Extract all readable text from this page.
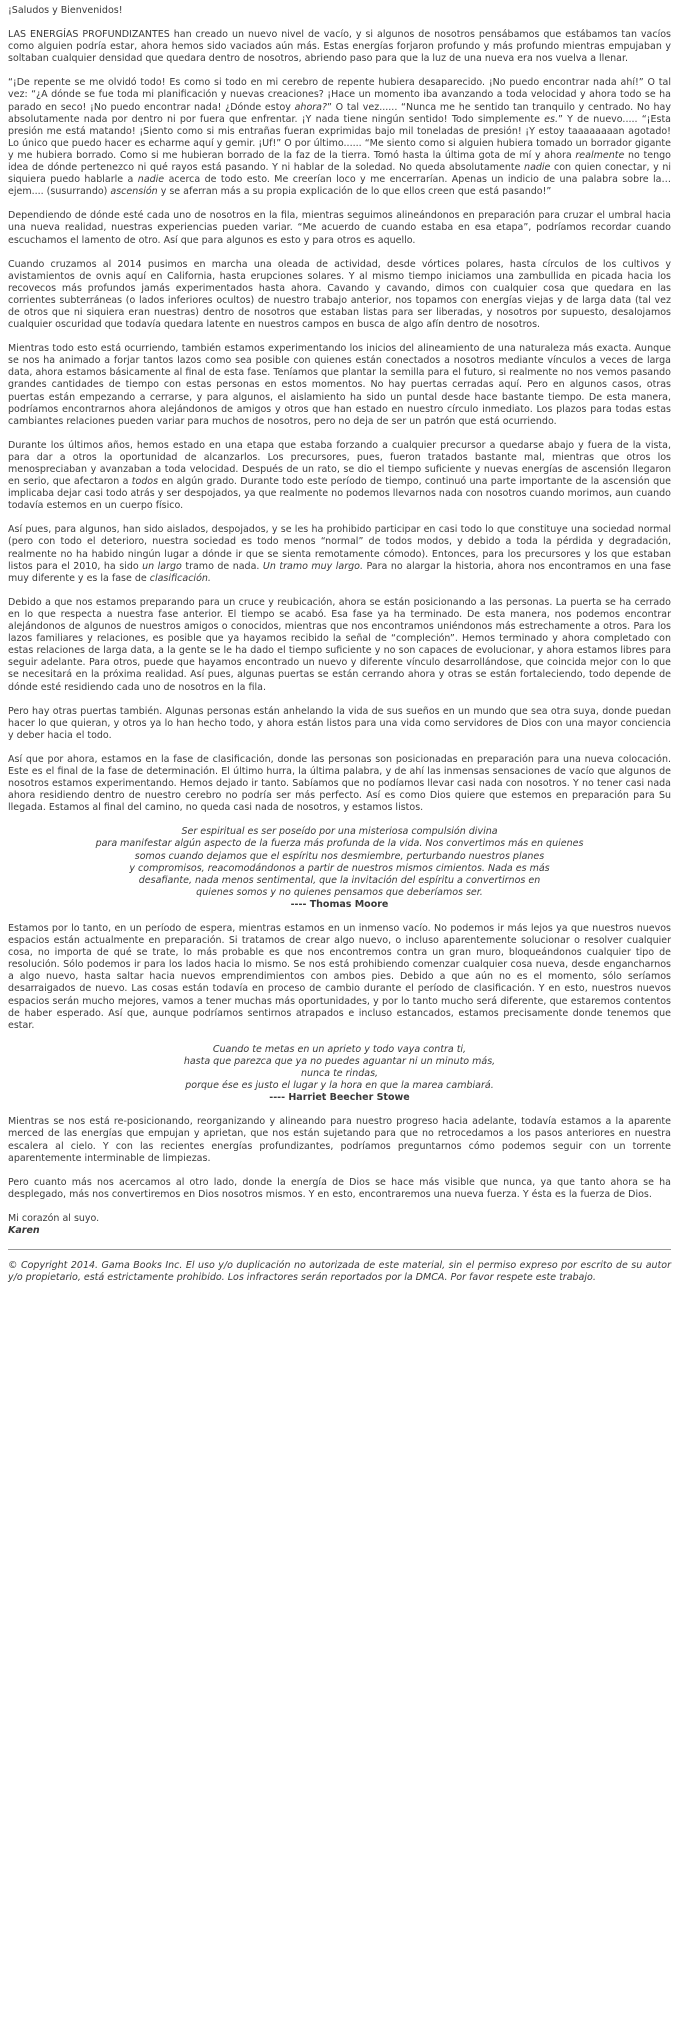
¡Saludos y Bienvenidos!

LAS ENERGÍAS PROFUNDIZANTES han creado un nuevo nivel de vacío, y si algunos de nosotros pensábamos que estábamos tan vacíos como alguien podría estar, ahora hemos sido vaciados aún más. Estas energías forjaron profundo y más profundo mientras empujaban y soltaban cualquier densidad que quedara dentro de nosotros, abriendo paso para que la luz de una nueva era nos vuelva a llenar.

“¡De repente se me olvidó todo! Es como si todo en mi cerebro de repente hubiera desaparecido. ¡No puedo encontrar nada ahí!” O tal vez: “¿A dónde se fue toda mi planificación y nuevas creaciones? ¡Hace un momento iba avanzando a toda velocidad y ahora todo se ha parado en seco! ¡No puedo encontrar nada! ¿Dónde estoy ahora?” O tal vez...... “Nunca me he sentido tan tranquilo y centrado. No hay absolutamente nada por dentro ni por fuera que enfrentar. ¡Y nada tiene ningún sentido! Todo simplemente es.” Y de nuevo..... “¡Esta presión me está matando! ¡Siento como si mis entrañas fueran exprimidas bajo mil toneladas de presión! ¡Y estoy taaaaaaaan agotado! Lo único que puedo hacer es echarme aquí y gemir. ¡Uf!” O por último...... “Me siento como si alguien hubiera tomado un borrador gigante y me hubiera borrado. Como si me hubieran borrado de la faz de la tierra. Tomó hasta la última gota de mí y ahora realmente no tengo idea de dónde pertenezco ni qué rayos está pasando. Y ni hablar de la soledad. No queda absolutamente nadie con quien conectar, y ni siquiera puedo hablarle a nadie acerca de todo esto. Me creerían loco y me encerrarían. Apenas un indicio de una palabra sobre la… ejem.... (susurrando) ascensión y se aferran más a su propia explicación de lo que ellos creen que está pasando!”

Dependiendo de dónde esté cada uno de nosotros en la fila, mientras seguimos alineándonos en preparación para cruzar el umbral hacia una nueva realidad, nuestras experiencias pueden variar. “Me acuerdo de cuando estaba en esa etapa”, podríamos recordar cuando escuchamos el lamento de otro. Así que para algunos es esto y para otros es aquello.

Cuando cruzamos al 2014 pusimos en marcha una oleada de actividad, desde vórtices polares, hasta círculos de los cultivos y avistamientos de ovnis aquí en California, hasta erupciones solares. Y al mismo tiempo iniciamos una zambullida en picada hacia los recovecos más profundos jamás experimentados hasta ahora. Cavando y cavando, dimos con cualquier cosa que quedara en las corrientes subterráneas (o lados inferiores ocultos) de nuestro trabajo anterior, nos topamos con energías viejas y de larga data (tal vez de otros que ni siquiera eran nuestras) dentro de nosotros que estaban listas para ser liberadas, y nosotros por supuesto, desalojamos cualquier oscuridad que todavía quedara latente en nuestros campos en busca de algo afín dentro de nosotros.

Mientras todo esto está ocurriendo, también estamos experimentando los inicios del alineamiento de una naturaleza más exacta. Aunque se nos ha animado a forjar tantos lazos como sea posible con quienes están conectados a nosotros mediante vínculos a veces de larga data, ahora estamos básicamente al final de esta fase. Teníamos que plantar la semilla para el futuro, si realmente no nos vemos pasando grandes cantidades de tiempo con estas personas en estos momentos. No hay puertas cerradas aquí. Pero en algunos casos, otras puertas están empezando a cerrarse, y para algunos, el aislamiento ha sido un puntal desde hace bastante tiempo. De esta manera, podríamos encontrarnos ahora alejándonos de amigos y otros que han estado en nuestro círculo inmediato. Los plazos para todas estas cambiantes relaciones pueden variar para muchos de nosotros, pero no deja de ser un patrón que está ocurriendo.

Durante los últimos años, hemos estado en una etapa que estaba forzando a cualquier precursor a quedarse abajo y fuera de la vista, para dar a otros la oportunidad de alcanzarlos. Los precursores, pues, fueron tratados bastante mal, mientras que otros los menospreciaban y avanzaban a toda velocidad. Después de un rato, se dio el tiempo suficiente y nuevas energías de ascensión llegaron en serio, que afectaron a todos en algún grado. Durante todo este período de tiempo, continuó una parte importante de la ascensión que implicaba dejar casi todo atrás y ser despojados, ya que realmente no podemos llevarnos nada con nosotros cuando morimos, aun cuando todavía estemos en un cuerpo físico.

Así pues, para algunos, han sido aislados, despojados, y se les ha prohibido participar en casi todo lo que constituye una sociedad normal (pero con todo el deterioro, nuestra sociedad es todo menos “normal” de todos modos, y debido a toda la pérdida y degradación, realmente no ha habido ningún lugar a dónde ir que se sienta remotamente cómodo). Entonces, para los precursores y los que estaban listos para el 2010, ha sido un largo tramo de nada. Un tramo muy largo. Para no alargar la historia, ahora nos encontramos en una fase muy diferente y es la fase de clasificación.

Debido a que nos estamos preparando para un cruce y reubicación, ahora se están posicionando a las personas. La puerta se ha cerrado en lo que respecta a nuestra fase anterior. El tiempo se acabó. Esa fase ya ha terminado. De esta manera, nos podemos encontrar alejándonos de algunos de nuestros amigos o conocidos, mientras que nos encontramos uniéndonos más estrechamente a otros. Para los lazos familiares y relaciones, es posible que ya hayamos recibido la señal de “compleción”. Hemos terminado y ahora completado con estas relaciones de larga data, a la gente se le ha dado el tiempo suficiente y no son capaces de evolucionar, y ahora estamos libres para seguir adelante. Para otros, puede que hayamos encontrado un nuevo y diferente vínculo desarrollándose, que coincida mejor con lo que se necesitará en la próxima realidad. Así pues, algunas puertas se están cerrando ahora y otras se están fortaleciendo, todo depende de dónde esté residiendo cada uno de nosotros en la fila.

Pero hay otras puertas también. Algunas personas están anhelando la vida de sus sueños en un mundo que sea otra suya, donde puedan hacer lo que quieran, y otros ya lo han hecho todo, y ahora están listos para una vida como servidores de Dios con una mayor conciencia y deber hacia el todo.

Así que por ahora, estamos en la fase de clasificación, donde las personas son posicionadas en preparación para una nueva colocación. Este es el final de la fase de determinación. El último hurra, la última palabra, y de ahí las inmensas sensaciones de vacío que algunos de nosotros estamos experimentando. Hemos dejado ir tanto. Sabíamos que no podíamos llevar casi nada con nosotros. Y no tener casi nada ahora residiendo dentro de nuestro cerebro no podría ser más perfecto. Así es como Dios quiere que estemos en preparación para Su llegada. Estamos al final del camino, no queda casi nada de nosotros, y estamos listos.

Ser espiritual es ser poseído por una misteriosa compulsión divina
para manifestar algún aspecto de la fuerza más profunda de la vida. Nos convertimos más en quienes
somos cuando dejamos que el espíritu nos desmiembre, perturbando nuestros planes
y compromisos, reacomodándonos a partir de nuestros mismos cimientos. Nada es más
desafiante, nada menos sentimental, que la invitación del espíritu a convertirnos en
quienes somos y no quienes pensamos que deberíamos ser.
---- Thomas Moore

Estamos por lo tanto, en un período de espera, mientras estamos en un inmenso vacío. No podemos ir más lejos ya que nuestros nuevos espacios están actualmente en preparación. Si tratamos de crear algo nuevo, o incluso aparentemente solucionar o resolver cualquier cosa, no importa de qué se trate, lo más probable es que nos encontremos contra un gran muro, bloqueándonos cualquier tipo de resolución. Sólo podemos ir para los lados hacia lo mismo. Se nos está prohibiendo comenzar cualquier cosa nueva, desde engancharnos a algo nuevo, hasta saltar hacia nuevos emprendimientos con ambos pies. Debido a que aún no es el momento, sólo seríamos desarraigados de nuevo. Las cosas están todavía en proceso de cambio durante el período de clasificación. Y en esto, nuestros nuevos espacios serán mucho mejores, vamos a tener muchas más oportunidades, y por lo tanto mucho será diferente, que estaremos contentos de haber esperado. Así que, aunque podríamos sentirnos atrapados e incluso estancados, estamos precisamente donde tenemos que estar.

Cuando te metas en un aprieto y todo vaya contra ti,
hasta que parezca que ya no puedes aguantar ni un minuto más,
nunca te rindas,
porque ése es justo el lugar y la hora en que la marea cambiará.
---- Harriet Beecher Stowe

Mientras se nos está re-posicionando, reorganizando y alineando para nuestro progreso hacia adelante, todavía estamos a la aparente merced de las energías que empujan y aprietan, que nos están sujetando para que no retrocedamos a los pasos anteriores en nuestra escalera al cielo. Y con las recientes energías profundizantes, podríamos preguntarnos cómo podemos seguir con un torrente aparentemente interminable de limpiezas.

Pero cuanto más nos acercamos al otro lado, donde la energía de Dios se hace más visible que nunca, ya que tanto ahora se ha desplegado, más nos convertiremos en Dios nosotros mismos. Y en esto, encontraremos una nueva fuerza. Y ésta es la fuerza de Dios.

Mi corazón al suyo.

Karen

© Copyright 2014. Gama Books Inc. El uso y/o duplicación no autorizada de este material, sin el permiso expreso por escrito de su autor y/o propietario, está estrictamente prohibido. Los infractores serán reportados por la DMCA. Por favor respete este trabajo.
